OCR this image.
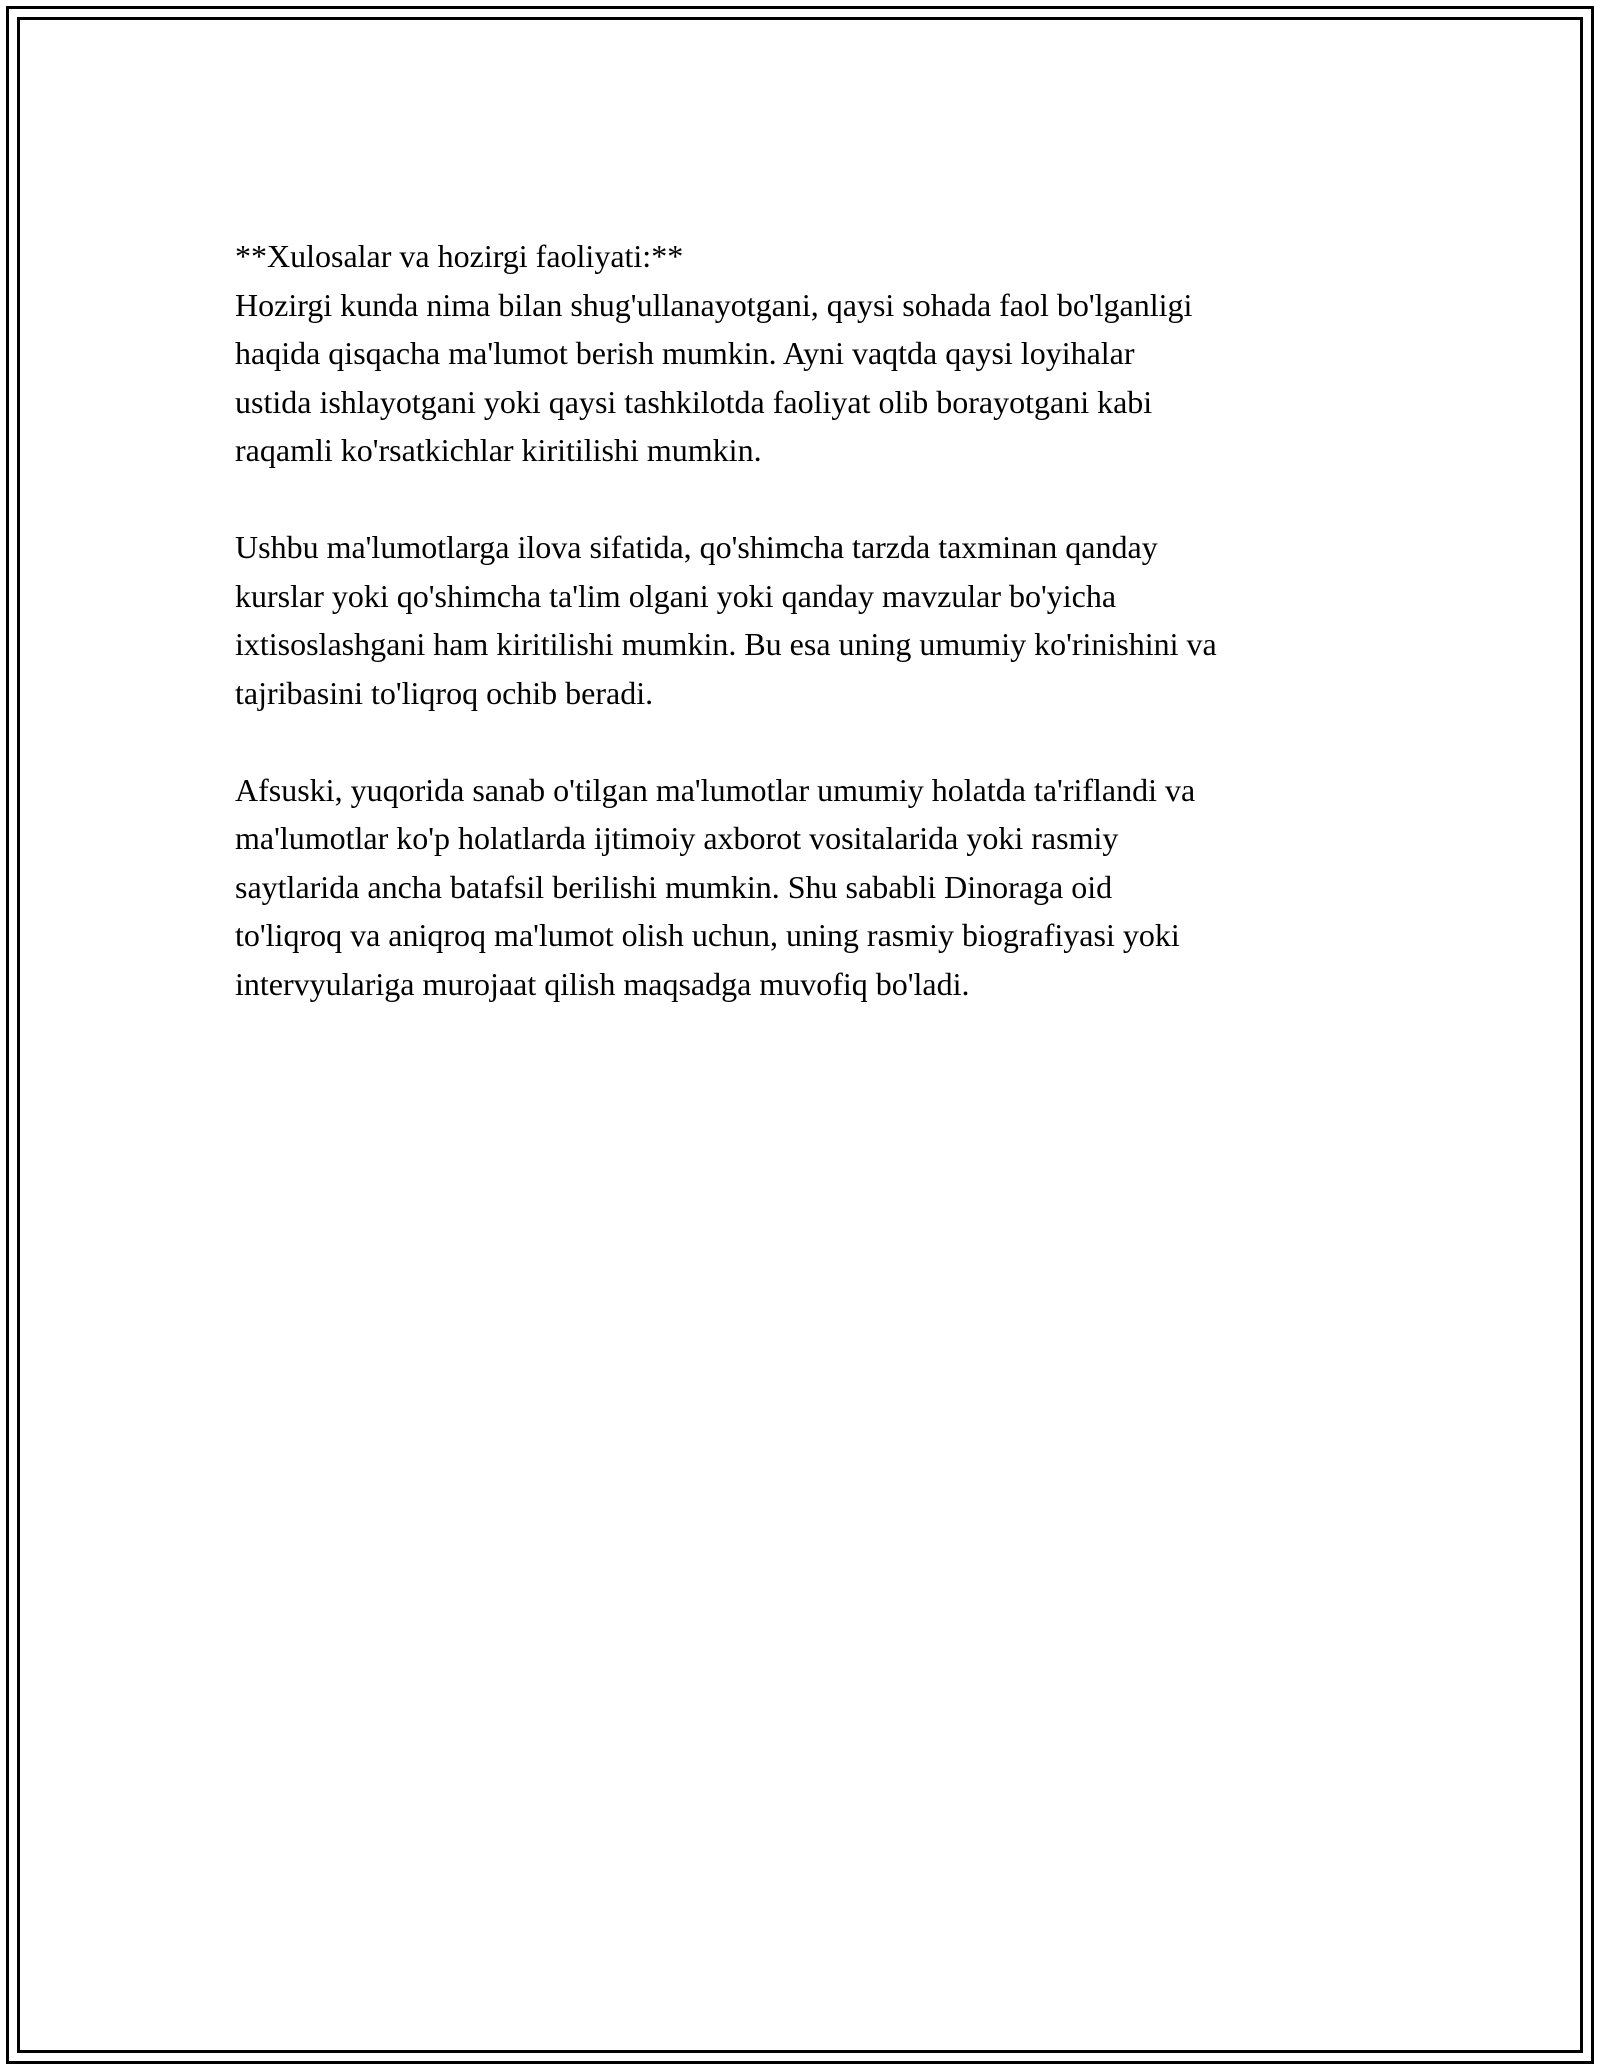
**Xulosalar va hozirgi faoliyati:**
Hozirgi kunda nima bilan shug'ullanayotgani, qaysi sohada faol bo'lganligi
haqida qisqacha ma'lumot berish mumkin. Ayni vaqtda qaysi loyihalar
ustida ishlayotgani yoki qaysi tashkilotda faoliyat olib borayotgani kabi
raqamli ko'rsatkichlar kiritilishi mumkin.

Ushbu ma'lumotlarga ilova sifatida, qo'shimcha tarzda taxminan qanday
kurslar yoki qo'shimcha ta'lim olgani yoki qanday mavzular bo'yicha
ixtisoslashgani ham kiritilishi mumkin. Bu esa uning umumiy ko'rinishini va
tajribasini to'liqroq ochib beradi.

Afsuski, yuqorida sanab o'tilgan ma'lumotlar umumiy holatda ta'riflandi va
ma'lumotlar ko'p holatlarda ijtimoiy axborot vositalarida yoki rasmiy
saytlarida ancha batafsil berilishi mumkin. Shu sababli Dinoraga oid
to'liqroq va aniqroq ma'lumot olish uchun, uning rasmiy biografiyasi yoki
intervyulariga murojaat qilish maqsadga muvofiq bo'ladi.
